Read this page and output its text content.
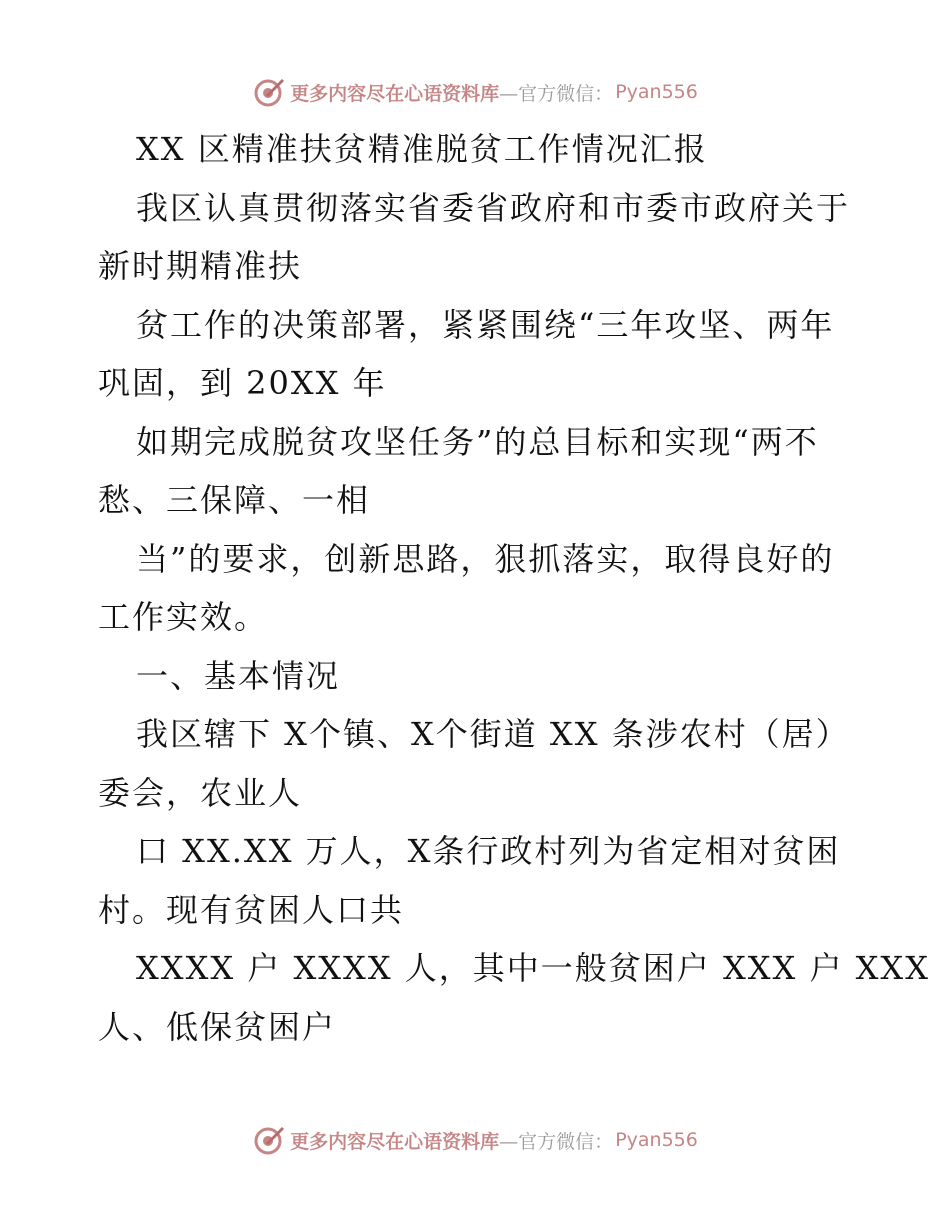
更多内容尽在心语资料库 —官方微信： Pyan556
XX 区精准扶贫精准脱贫工作情况汇报
我区认真贯彻落实省委省政府和市委市政府关于
新时期精准扶
贫工作的决策部署，紧紧围绕“三年攻坚、两年
巩固，到 20XX 年
如期完成脱贫攻坚任务”的总目标和实现“两不
愁、三保障、一相
当”的要求，创新思路，狠抓落实，取得良好的
工作实效。
一、基本情况
我区辖下 X个镇、X个街道 XX 条涉农村（居）
委会，农业人
口 XX.XX 万人，X条行政村列为省定相对贫困
村。现有贫困人口共
XXXX 户 XXXX 人，其中一般贫困户 XXX 户 XXX
人、低保贫困户
更多内容尽在心语资料库 —官方微信： Pyan556
